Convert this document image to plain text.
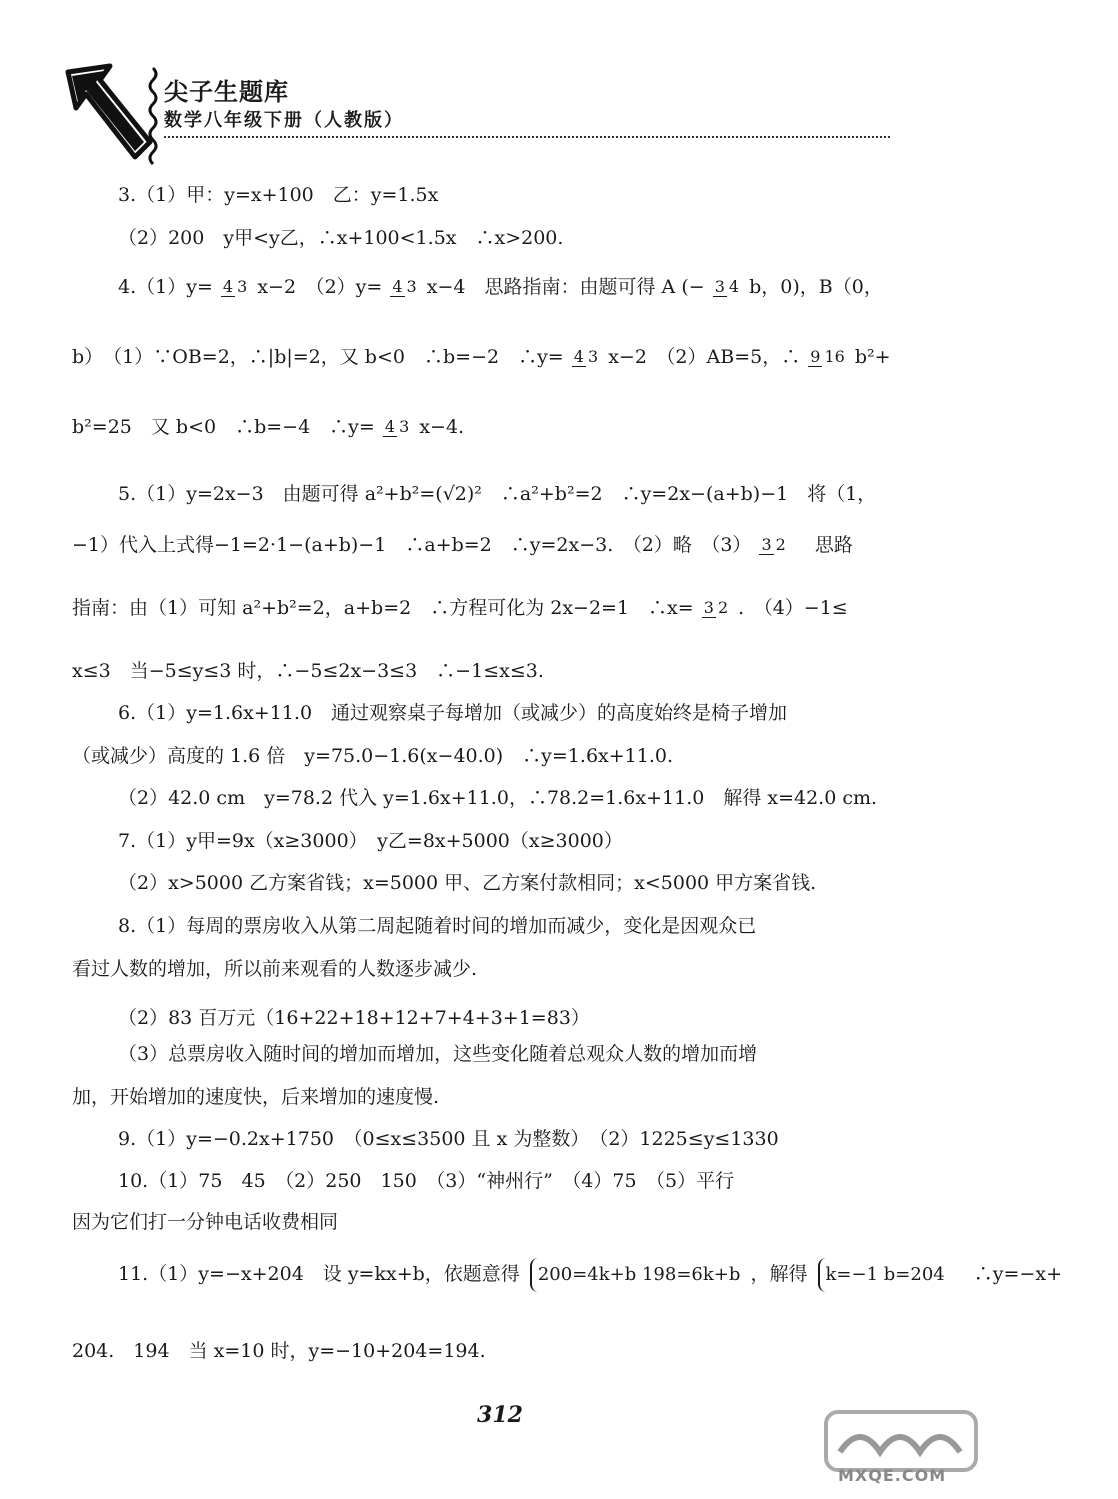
尖子生题库
数学八年级下册（人教版）
3.（1）甲：y=x+100　乙：y=1.5x
（2）200　y甲<y乙，∴x+100<1.5x　∴x>200.
4.（1）y= 4 3 x−2　（2）y= 4 3 x−4　思路指南：由题可得 A (− 3 4 b，0)，B（0，
b）　（1）∵OB=2，∴|b|=2，又 b<0　∴b=−2　∴y= 4 3 x−2　（2）AB=5，∴ 9 16 b²+
b²=25　又 b<0　∴b=−4　∴y= 4 3 x−4.
5.（1）y=2x−3　由题可得 a²+b²=(√2)²　∴a²+b²=2　∴y=2x−(a+b)−1　将（1，
−1）代入上式得−1=2·1−(a+b)−1　∴a+b=2　∴y=2x−3.　（2）略　（3） 3 2 　思路
指南：由（1）可知 a²+b²=2，a+b=2　∴方程可化为 2x−2=1　∴x= 3 2 .　（4）−1≤
x≤3　当−5≤y≤3 时，∴−5≤2x−3≤3　∴−1≤x≤3.
6.（1）y=1.6x+11.0　通过观察桌子每增加（或减少）的高度始终是椅子增加
（或减少）高度的 1.6 倍　y=75.0−1.6(x−40.0)　∴y=1.6x+11.0.
（2）42.0 cm　y=78.2 代入 y=1.6x+11.0，∴78.2=1.6x+11.0　解得 x=42.0 cm.
7.（1）y甲=9x（x≥3000）　y乙=8x+5000（x≥3000）
（2）x>5000 乙方案省钱；x=5000 甲、乙方案付款相同；x<5000 甲方案省钱.
8.（1）每周的票房收入从第二周起随着时间的增加而减少，变化是因观众已
看过人数的增加，所以前来观看的人数逐步减少.
（2）83 百万元（16+22+18+12+7+4+3+1=83）
（3）总票房收入随时间的增加而增加，这些变化随着总观众人数的增加而增
加，开始增加的速度快，后来增加的速度慢.
9.（1）y=−0.2x+1750　（0≤x≤3500 且 x 为整数）　（2）1225≤y≤1330
10.（1）75　45　（2）250　150　（3）“神州行”　（4）75　（5）平行
因为它们打一分钟电话收费相同
11.（1）y=−x+204　设 y=kx+b，依题意得 200=4k+b 198=6k+b ，解得 k=−1 b=204 　∴y=−x+
204.　194　当 x=10 时，y=−10+204=194.
312
MXQE.COM
